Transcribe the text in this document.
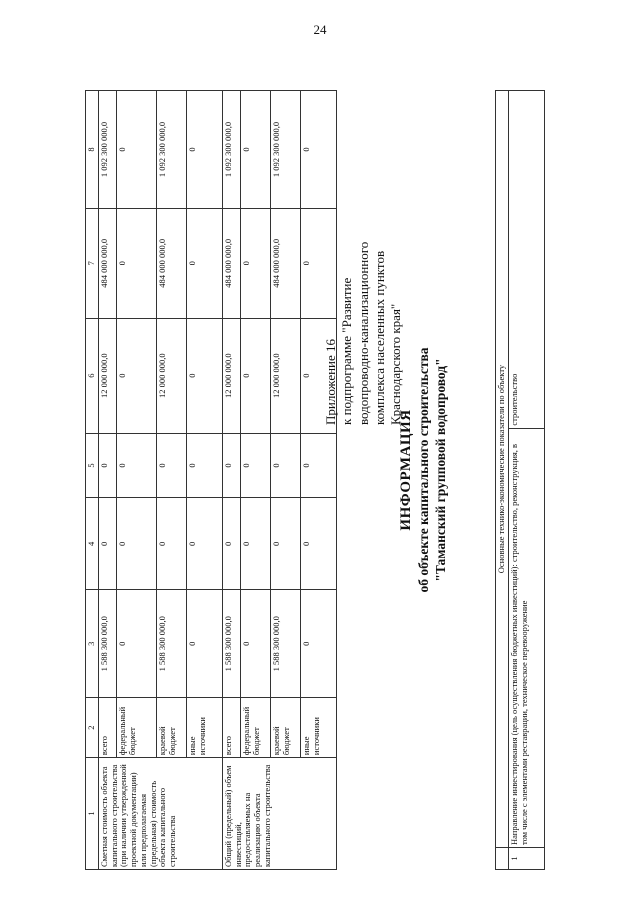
24
1	2	3	4	5	6	7	8
Сметная стоимость объекта капитального строительства (при наличии утвержденной проектной документации) или предполагаемая (предельная) стоимость объекта капитального строительства	всего	1 588 300 000,0	0	0	12 000 000,0	484 000 000,0	1 092 300 000,0
	федеральный бюджет	0	0	0	0	0	0
	краевой бюджет	1 588 300 000,0	0	0	12 000 000,0	484 000 000,0	1 092 300 000,0
	иные источники	0	0	0	0	0	0
Общий (предельный) объем инвестиций, предоставляемых на реализацию объекта капитального строительства	всего	1 588 300 000,0	0	0	12 000 000,0	484 000 000,0	1 092 300 000,0
	федеральный бюджет	0	0	0	0	0	0
	краевой бюджет	1 588 300 000,0	0	0	12 000 000,0	484 000 000,0	1 092 300 000,0
	иные источники	0	0	0	0	0	0
Приложение 16 к подпрограмме "Развитие водопроводно-канализационного комплекса населенных пунктов Краснодарского края"
ИНФОРМАЦИЯ об объекте капитального строительства "Таманский групповой водопровод"
		Основные технико-экономические показатели по объекту	
1	Направление инвестирования (цель осуществления бюджетных инвестиций): строительство, реконструкция, в том числе с элементами реставрации, техническое перевооружение	строительство
